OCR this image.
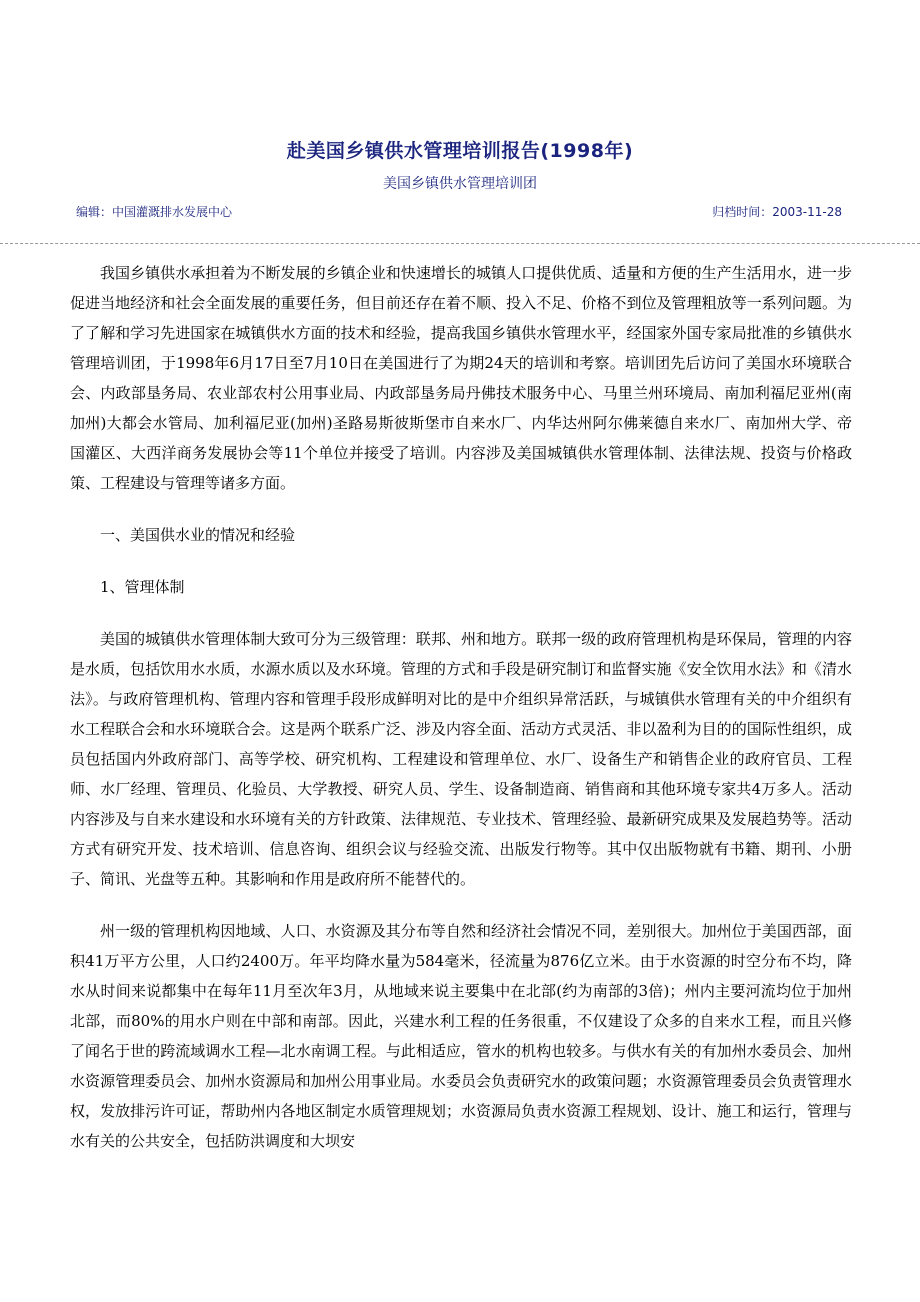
赴美国乡镇供水管理培训报告(1998年)
美国乡镇供水管理培训团
编辑：中国灌溉排水发展中心	归档时间：2003-11-28

我国乡镇供水承担着为不断发展的乡镇企业和快速增长的城镇人口提供优质、适量和方便的生产生活用水，进一步促进当地经济和社会全面发展的重要任务，但目前还存在着不顺、投入不足、价格不到位及管理粗放等一系列问题。为了了解和学习先进国家在城镇供水方面的技术和经验，提高我国乡镇供水管理水平，经国家外国专家局批准的乡镇供水管理培训团，于1998年6月17日至7月10日在美国进行了为期24天的培训和考察。培训团先后访问了美国水环境联合会、内政部垦务局、农业部农村公用事业局、内政部垦务局丹佛技术服务中心、马里兰州环境局、南加利福尼亚州(南加州)大都会水管局、加利福尼亚(加州)圣路易斯彼斯堡市自来水厂、内华达州阿尔佛莱德自来水厂、南加州大学、帝国灌区、大西洋商务发展协会等11个单位并接受了培训。内容涉及美国城镇供水管理体制、法律法规、投资与价格政策、工程建设与管理等诸多方面。

一、美国供水业的情况和经验

1、管理体制

美国的城镇供水管理体制大致可分为三级管理：联邦、州和地方。联邦一级的政府管理机构是环保局，管理的内容是水质，包括饮用水水质，水源水质以及水环境。管理的方式和手段是研究制订和监督实施《安全饮用水法》和《清水法》。与政府管理机构、管理内容和管理手段形成鲜明对比的是中介组织异常活跃，与城镇供水管理有关的中介组织有水工程联合会和水环境联合会。这是两个联系广泛、涉及内容全面、活动方式灵活、非以盈利为目的的国际性组织，成员包括国内外政府部门、高等学校、研究机构、工程建设和管理单位、水厂、设备生产和销售企业的政府官员、工程师、水厂经理、管理员、化验员、大学教授、研究人员、学生、设备制造商、销售商和其他环境专家共4万多人。活动内容涉及与自来水建设和水环境有关的方针政策、法律规范、专业技术、管理经验、最新研究成果及发展趋势等。活动方式有研究开发、技术培训、信息咨询、组织会议与经验交流、出版发行物等。其中仅出版物就有书籍、期刊、小册子、简讯、光盘等五种。其影响和作用是政府所不能替代的。

州一级的管理机构因地域、人口、水资源及其分布等自然和经济社会情况不同，差别很大。加州位于美国西部，面积41万平方公里，人口约2400万。年平均降水量为584毫米，径流量为876亿立米。由于水资源的时空分布不均，降水从时间来说都集中在每年11月至次年3月，从地域来说主要集中在北部(约为南部的3倍)；州内主要河流均位于加州北部，而80%的用水户则在中部和南部。因此，兴建水利工程的任务很重，不仅建设了众多的自来水工程，而且兴修了闻名于世的跨流域调水工程—北水南调工程。与此相适应，管水的机构也较多。与供水有关的有加州水委员会、加州水资源管理委员会、加州水资源局和加州公用事业局。水委员会负责研究水的政策问题；水资源管理委员会负责管理水权，发放排污许可证，帮助州内各地区制定水质管理规划；水资源局负责水资源工程规划、设计、施工和运行，管理与水有关的公共安全，包括防洪调度和大坝安
